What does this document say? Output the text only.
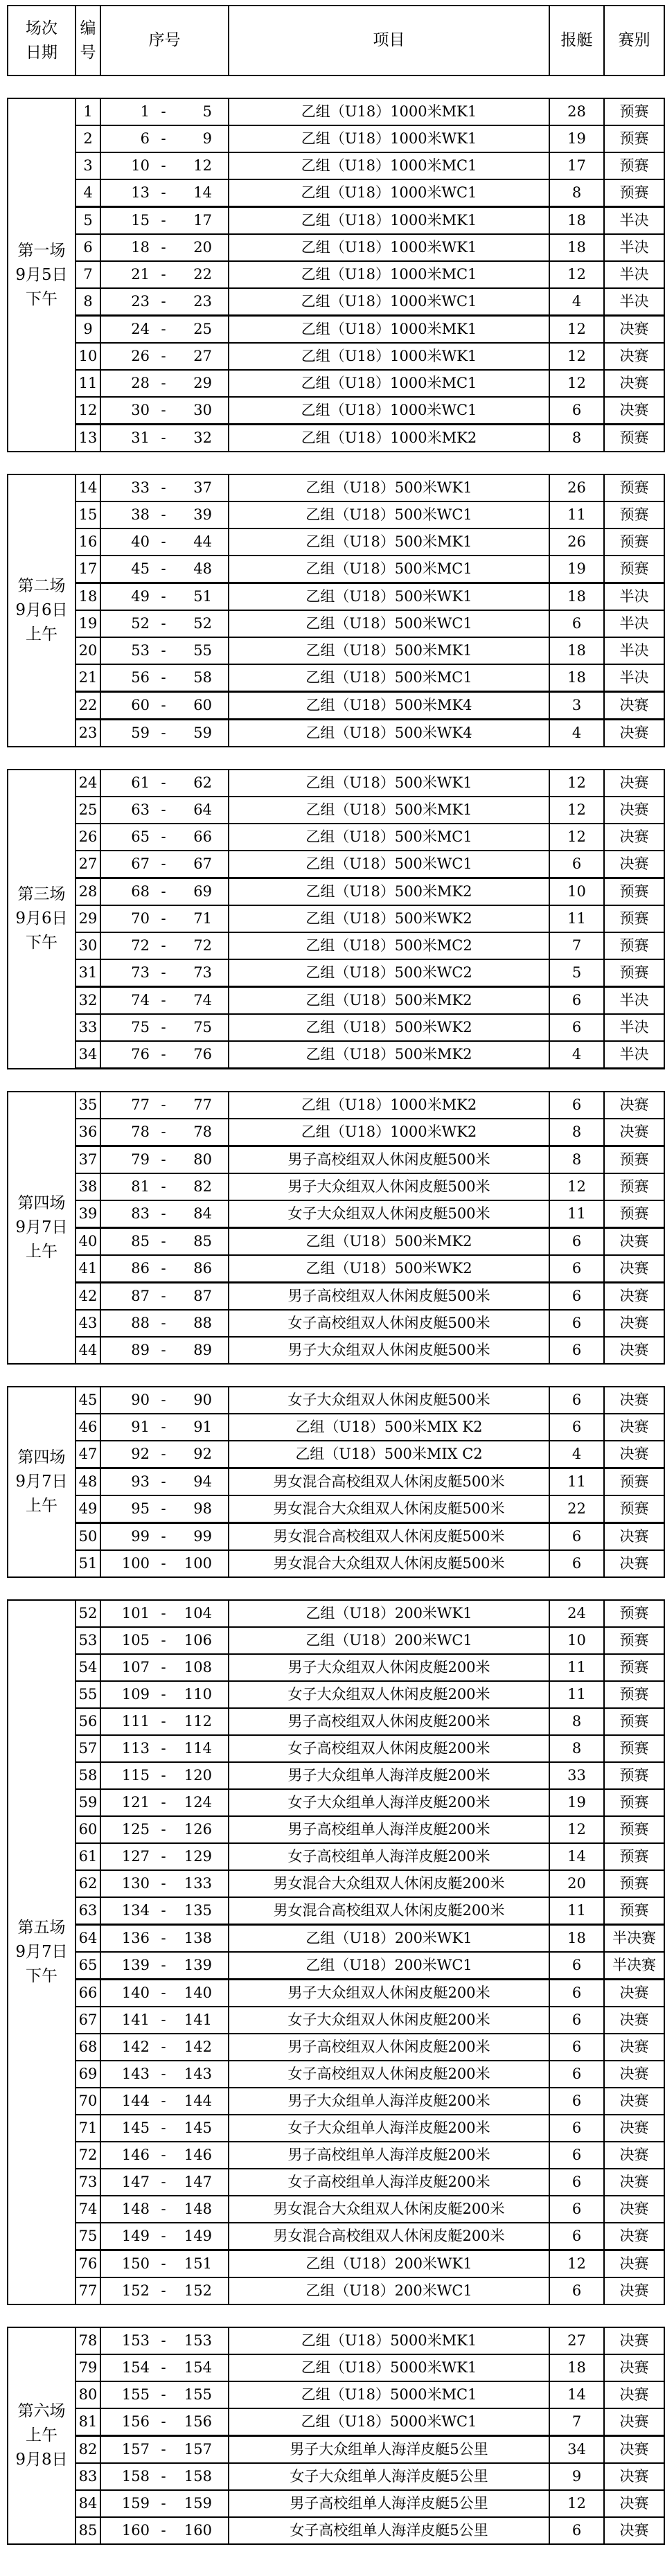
场次
日期	编
号	序号	项目	报艇	赛别
第一场
9月5日
下午	1	1 - 5	乙组（U18）1000米MK1	28	预赛
	2	6 - 9	乙组（U18）1000米WK1	19	预赛
	3	10 - 12	乙组（U18）1000米MC1	17	预赛
	4	13 - 14	乙组（U18）1000米WC1	8	预赛
	5	15 - 17	乙组（U18）1000米MK1	18	半决
	6	18 - 20	乙组（U18）1000米WK1	18	半决
	7	21 - 22	乙组（U18）1000米MC1	12	半决
	8	23 - 23	乙组（U18）1000米WC1	4	半决
	9	24 - 25	乙组（U18）1000米MK1	12	决赛
	10	26 - 27	乙组（U18）1000米WK1	12	决赛
	11	28 - 29	乙组（U18）1000米MC1	12	决赛
	12	30 - 30	乙组（U18）1000米WC1	6	决赛
	13	31 - 32	乙组（U18）1000米MK2	8	预赛
第二场
9月6日
上午	14	33 - 37	乙组（U18）500米WK1	26	预赛
	15	38 - 39	乙组（U18）500米WC1	11	预赛
	16	40 - 44	乙组（U18）500米MK1	26	预赛
	17	45 - 48	乙组（U18）500米MC1	19	预赛
	18	49 - 51	乙组（U18）500米WK1	18	半决
	19	52 - 52	乙组（U18）500米WC1	6	半决
	20	53 - 55	乙组（U18）500米MK1	18	半决
	21	56 - 58	乙组（U18）500米MC1	18	半决
	22	60 - 60	乙组（U18）500米MK4	3	决赛
	23	59 - 59	乙组（U18）500米WK4	4	决赛
第三场
9月6日
下午	24	61 - 62	乙组（U18）500米WK1	12	决赛
	25	63 - 64	乙组（U18）500米MK1	12	决赛
	26	65 - 66	乙组（U18）500米MC1	12	决赛
	27	67 - 67	乙组（U18）500米WC1	6	决赛
	28	68 - 69	乙组（U18）500米MK2	10	预赛
	29	70 - 71	乙组（U18）500米WK2	11	预赛
	30	72 - 72	乙组（U18）500米MC2	7	预赛
	31	73 - 73	乙组（U18）500米WC2	5	预赛
	32	74 - 74	乙组（U18）500米MK2	6	半决
	33	75 - 75	乙组（U18）500米WK2	6	半决
	34	76 - 76	乙组（U18）500米MK2	4	半决
第四场
9月7日
上午	35	77 - 77	乙组（U18）1000米MK2	6	决赛
	36	78 - 78	乙组（U18）1000米WK2	8	决赛
	37	79 - 80	男子高校组双人休闲皮艇500米	8	预赛
	38	81 - 82	男子大众组双人休闲皮艇500米	12	预赛
	39	83 - 84	女子大众组双人休闲皮艇500米	11	预赛
	40	85 - 85	乙组（U18）500米MK2	6	决赛
	41	86 - 86	乙组（U18）500米WK2	6	决赛
	42	87 - 87	男子高校组双人休闲皮艇500米	6	决赛
	43	88 - 88	女子高校组双人休闲皮艇500米	6	决赛
	44	89 - 89	男子大众组双人休闲皮艇500米	6	决赛
第四场
9月7日
上午	45	90 - 90	女子大众组双人休闲皮艇500米	6	决赛
	46	91 - 91	乙组（U18）500米MIX K2	6	决赛
	47	92 - 92	乙组（U18）500米MIX C2	4	决赛
	48	93 - 94	男女混合高校组双人休闲皮艇500米	11	预赛
	49	95 - 98	男女混合大众组双人休闲皮艇500米	22	预赛
	50	99 - 99	男女混合高校组双人休闲皮艇500米	6	决赛
	51	100 - 100	男女混合大众组双人休闲皮艇500米	6	决赛
第五场
9月7日
下午	52	101 - 104	乙组（U18）200米WK1	24	预赛
	53	105 - 106	乙组（U18）200米WC1	10	预赛
	54	107 - 108	男子大众组双人休闲皮艇200米	11	预赛
	55	109 - 110	女子大众组双人休闲皮艇200米	11	预赛
	56	111 - 112	男子高校组双人休闲皮艇200米	8	预赛
	57	113 - 114	女子高校组双人休闲皮艇200米	8	预赛
	58	115 - 120	男子大众组单人海洋皮艇200米	33	预赛
	59	121 - 124	女子大众组单人海洋皮艇200米	19	预赛
	60	125 - 126	男子高校组单人海洋皮艇200米	12	预赛
	61	127 - 129	女子高校组单人海洋皮艇200米	14	预赛
	62	130 - 133	男女混合大众组双人休闲皮艇200米	20	预赛
	63	134 - 135	男女混合高校组双人休闲皮艇200米	11	预赛
	64	136 - 138	乙组（U18）200米WK1	18	半决赛
	65	139 - 139	乙组（U18）200米WC1	6	半决赛
	66	140 - 140	男子大众组双人休闲皮艇200米	6	决赛
	67	141 - 141	女子大众组双人休闲皮艇200米	6	决赛
	68	142 - 142	男子高校组双人休闲皮艇200米	6	决赛
	69	143 - 143	女子高校组双人休闲皮艇200米	6	决赛
	70	144 - 144	男子大众组单人海洋皮艇200米	6	决赛
	71	145 - 145	女子大众组单人海洋皮艇200米	6	决赛
	72	146 - 146	男子高校组单人海洋皮艇200米	6	决赛
	73	147 - 147	女子高校组单人海洋皮艇200米	6	决赛
	74	148 - 148	男女混合大众组双人休闲皮艇200米	6	决赛
	75	149 - 149	男女混合高校组双人休闲皮艇200米	6	决赛
	76	150 - 151	乙组（U18）200米WK1	12	决赛
	77	152 - 152	乙组（U18）200米WC1	6	决赛
第六场
上午
9月8日	78	153 - 153	乙组（U18）5000米MK1	27	决赛
	79	154 - 154	乙组（U18）5000米WK1	18	决赛
	80	155 - 155	乙组（U18）5000米MC1	14	决赛
	81	156 - 156	乙组（U18）5000米WC1	7	决赛
	82	157 - 157	男子大众组单人海洋皮艇5公里	34	决赛
	83	158 - 158	女子大众组单人海洋皮艇5公里	9	决赛
	84	159 - 159	男子高校组单人海洋皮艇5公里	12	决赛
	85	160 - 160	女子高校组单人海洋皮艇5公里	6	决赛
